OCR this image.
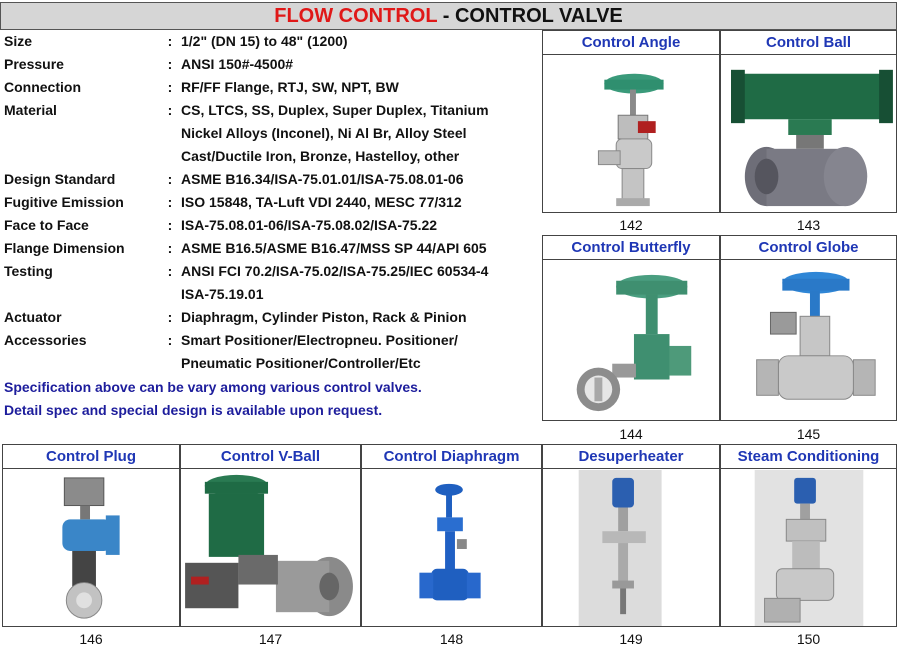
FLOW CONTROL - CONTROL VALVE
Size	: 1/2" (DN 15) to 48" (1200)
Pressure	: ANSI 150#-4500#
Connection	: RF/FF Flange, RTJ, SW, NPT, BW
Material	: CS, LTCS, SS, Duplex, Super Duplex, Titanium
Nickel Alloys (Inconel), Ni Al Br, Alloy Steel
Cast/Ductile Iron, Bronze, Hastelloy, other
Design Standard	: ASME B16.34/ISA-75.01.01/ISA-75.08.01-06
Fugitive Emission	: ISO 15848, TA-Luft VDI 2440, MESC 77/312
Face to Face	: ISA-75.08.01-06/ISA-75.08.02/ISA-75.22
Flange Dimension	: ASME B16.5/ASME B16.47/MSS SP 44/API 605
Testing	: ANSI FCI 70.2/ISA-75.02/ISA-75.25/IEC 60534-4
ISA-75.19.01
Actuator	: Diaphragm, Cylinder Piston, Rack & Pinion
Accessories	: Smart Positioner/Electropneu. Positioner/
Pneumatic Positioner/Controller/Etc
Specification above can be vary among various control valves.
Detail spec and special design is available upon request.
Control Angle
142
Control Ball
143
Control Butterfly
144
Control Globe
145
Control Plug
146
Control V-Ball
147
Control Diaphragm
148
Desuperheater
149
Steam Conditioning
150
